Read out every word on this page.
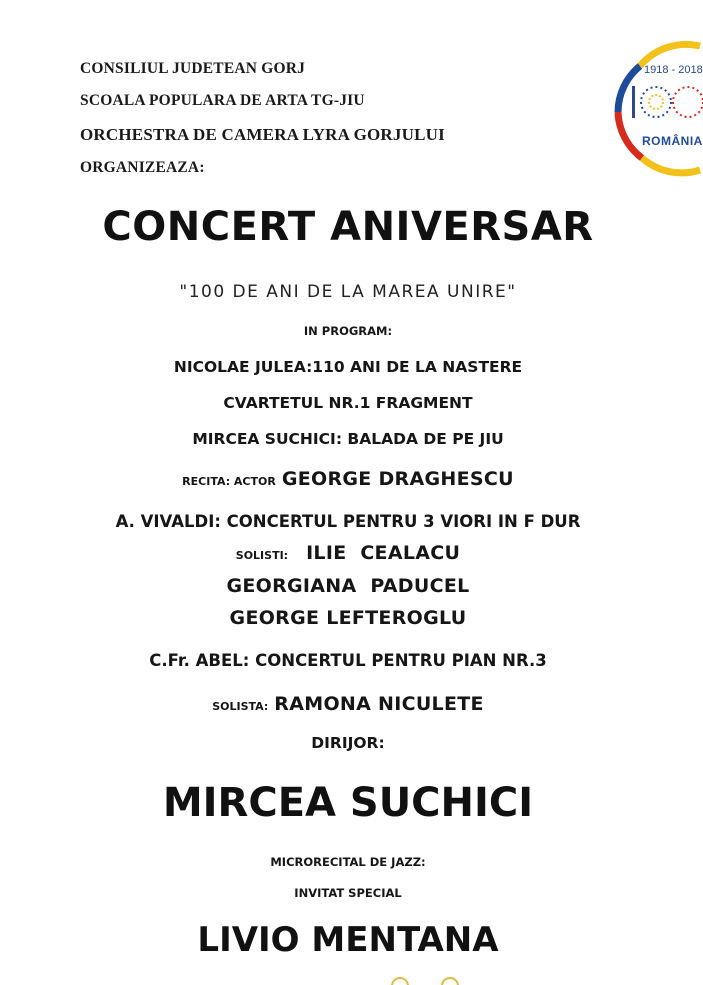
CONSILIUL JUDETEAN GORJ
SCOALA POPULARA DE ARTA TG-JIU
ORCHESTRA DE CAMERA LYRA GORJULUI
ORGANIZEAZA:
1918 - 2018
ROMÂNIA
CONCERT ANIVERSAR
"100 DE ANI DE LA MAREA UNIRE"
IN PROGRAM:
NICOLAE JULEA:110 ANI DE LA NASTERE
CVARTETUL NR.1 FRAGMENT
MIRCEA SUCHICI: BALADA DE PE JIU
RECITA: ACTOR GEORGE DRAGHESCU
A. VIVALDI: CONCERTUL PENTRU 3 VIORI IN F DUR
SOLISTI: ILIE  CEALACU
GEORGIANA  PADUCEL
GEORGE LEFTEROGLU
C.Fr. ABEL: CONCERTUL PENTRU PIAN NR.3
SOLISTA: RAMONA NICULETE
DIRIJOR:
MIRCEA SUCHICI
MICRORECITAL DE JAZZ:
INVITAT SPECIAL
LIVIO MENTANA
